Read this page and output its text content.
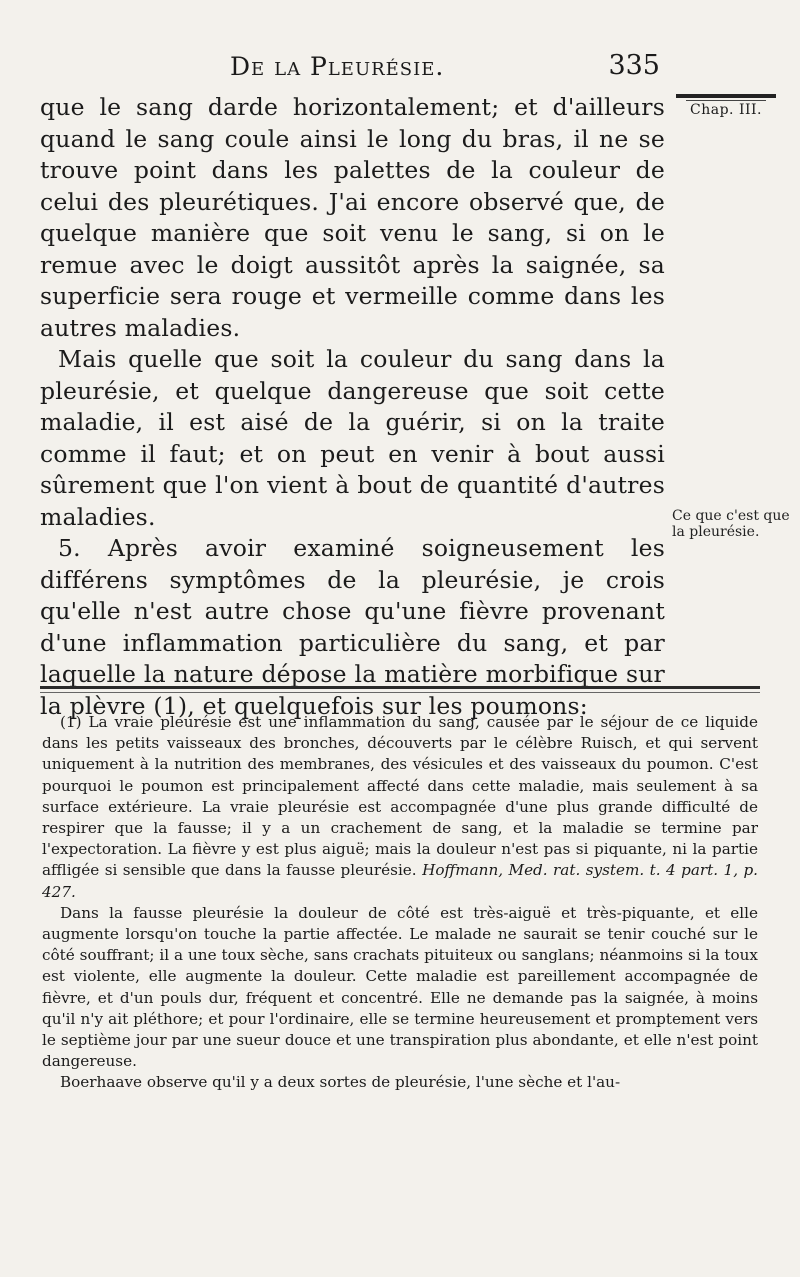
De la Pleurésie.	335
Chap. III.
Ce que c'est que la pleurésie.

que le sang darde horizontalement; et d'ailleurs quand le sang coule ainsi le long du bras, il ne se trouve point dans les palettes de la couleur de celui des pleurétiques. J'ai encore observé que, de quelque manière que soit venu le sang, si on le remue avec le doigt aussitôt après la saignée, sa superficie sera rouge et vermeille comme dans les autres maladies.

Mais quelle que soit la couleur du sang dans la pleurésie, et quelque dangereuse que soit cette maladie, il est aisé de la guérir, si on la traite comme il faut; et on peut en venir à bout aussi sûrement que l'on vient à bout de quantité d'autres maladies.

5. Après avoir examiné soigneusement les différens symptômes de la pleurésie, je crois qu'elle n'est autre chose qu'une fièvre provenant d'une inflammation particulière du sang, et par laquelle la nature dépose la matière morbifique sur la plèvre (1), et quelquefois sur les poumons:

(1) La vraie pleurésie est une inflammation du sang, causée par le séjour de ce liquide dans les petits vaisseaux des bronches, découverts par le célèbre Ruisch, et qui servent uniquement à la nutrition des membranes, des vésicules et des vaisseaux du poumon. C'est pourquoi le poumon est principalement affecté dans cette maladie, mais seulement à sa surface extérieure. La vraie pleurésie est accompagnée d'une plus grande difficulté de respirer que la fausse; il y a un crachement de sang, et la maladie se termine par l'expectoration. La fièvre y est plus aiguë; mais la douleur n'est pas si piquante, ni la partie affligée si sensible que dans la fausse pleurésie. Hoffmann, Med. rat. system. t. 4 part. 1, p. 427.

Dans la fausse pleurésie la douleur de côté est très-aiguë et très-piquante, et elle augmente lorsqu'on touche la partie affectée. Le malade ne saurait se tenir couché sur le côté souffrant; il a une toux sèche, sans crachats pituiteux ou sanglans; néanmoins si la toux est violente, elle augmente la douleur. Cette maladie est pareillement accompagnée de fièvre, et d'un pouls dur, fréquent et concentré. Elle ne demande pas la saignée, à moins qu'il n'y ait pléthore; et pour l'ordinaire, elle se termine heureusement et promptement vers le septième jour par une sueur douce et une transpiration plus abondante, et elle n'est point dangereuse.

Boerhaave observe qu'il y a deux sortes de pleurésie, l'une sèche et l'au-
